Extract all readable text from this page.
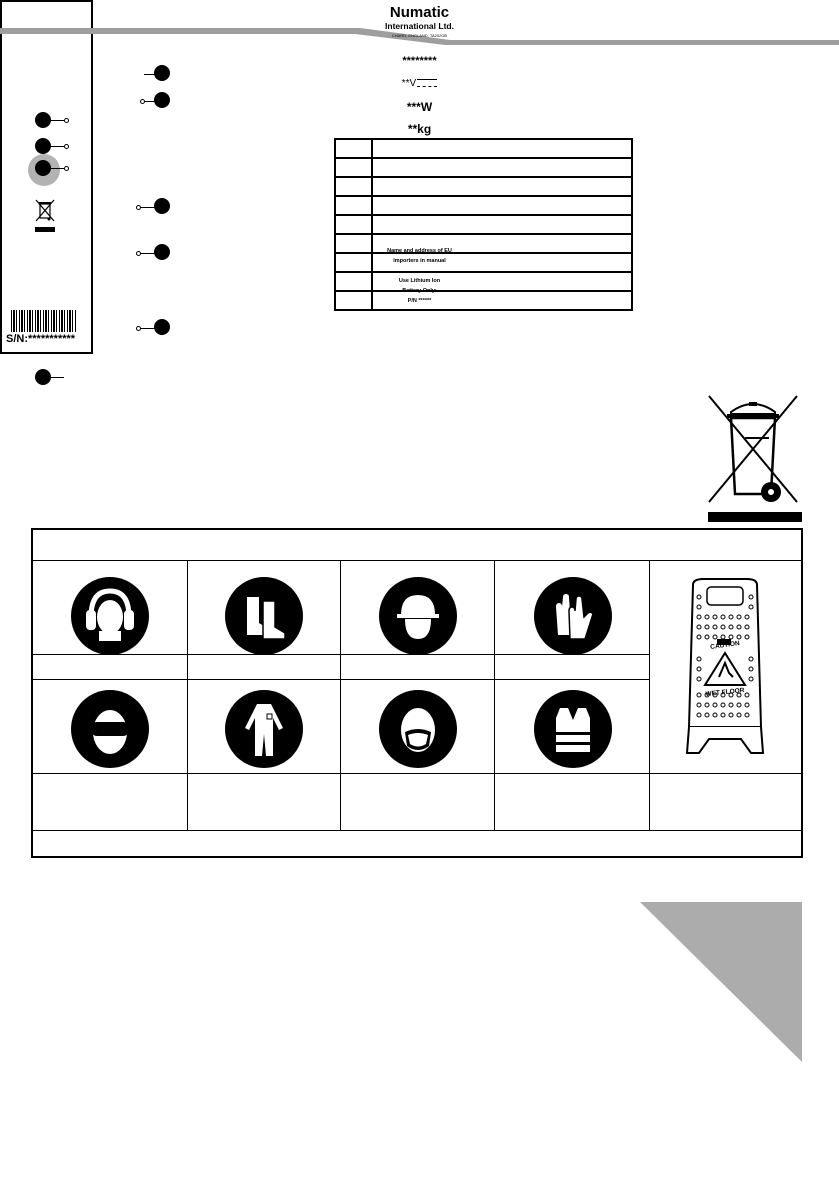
Numatic
International Ltd.
CHARD, ENGLAND, TA202GB
********
**V
***W
**kg
Name and address of EU
importers in manual
Use Lithium Ion
Battery Only:
P/N ******
S/N:***********

CAUTION
WET FLOOR
